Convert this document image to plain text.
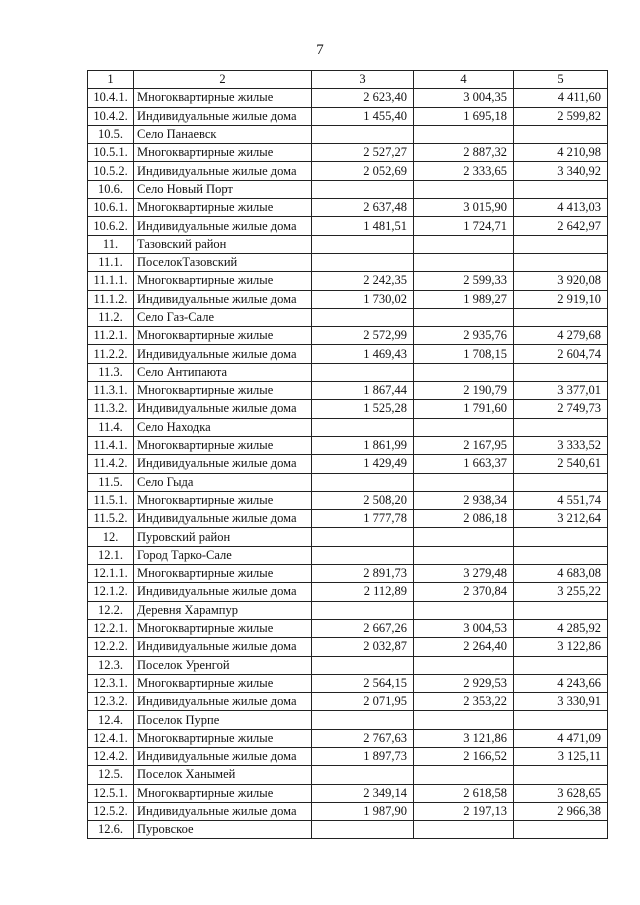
7
1	2	3	4	5
10.4.1.	Многоквартирные жилые	2 623,40	3 004,35	4 411,60
10.4.2.	Индивидуальные жилые дома	1 455,40	1 695,18	2 599,82
10.5.	Село Панаевск			
10.5.1.	Многоквартирные жилые	2 527,27	2 887,32	4 210,98
10.5.2.	Индивидуальные жилые дома	2 052,69	2 333,65	3 340,92
10.6.	Село Новый Порт			
10.6.1.	Многоквартирные жилые	2 637,48	3 015,90	4 413,03
10.6.2.	Индивидуальные жилые дома	1 481,51	1 724,71	2 642,97
11.	Тазовский район			
11.1.	ПоселокТазовский			
11.1.1.	Многоквартирные жилые	2 242,35	2 599,33	3 920,08
11.1.2.	Индивидуальные жилые дома	1 730,02	1 989,27	2 919,10
11.2.	Село Газ-Сале			
11.2.1.	Многоквартирные жилые	2 572,99	2 935,76	4 279,68
11.2.2.	Индивидуальные жилые дома	1 469,43	1 708,15	2 604,74
11.3.	Село Антипаюта			
11.3.1.	Многоквартирные жилые	1 867,44	2 190,79	3 377,01
11.3.2.	Индивидуальные жилые дома	1 525,28	1 791,60	2 749,73
11.4.	Село Находка			
11.4.1.	Многоквартирные жилые	1 861,99	2 167,95	3 333,52
11.4.2.	Индивидуальные жилые дома	1 429,49	1 663,37	2 540,61
11.5.	Село Гыда			
11.5.1.	Многоквартирные жилые	2 508,20	2 938,34	4 551,74
11.5.2.	Индивидуальные жилые дома	1 777,78	2 086,18	3 212,64
12.	Пуровский район			
12.1.	Город Тарко-Сале			
12.1.1.	Многоквартирные жилые	2 891,73	3 279,48	4 683,08
12.1.2.	Индивидуальные жилые дома	2 112,89	2 370,84	3 255,22
12.2.	Деревня Харампур			
12.2.1.	Многоквартирные жилые	2 667,26	3 004,53	4 285,92
12.2.2.	Индивидуальные жилые дома	2 032,87	2 264,40	3 122,86
12.3.	Поселок Уренгой			
12.3.1.	Многоквартирные жилые	2 564,15	2 929,53	4 243,66
12.3.2.	Индивидуальные жилые дома	2 071,95	2 353,22	3 330,91
12.4.	Поселок Пурпе			
12.4.1.	Многоквартирные жилые	2 767,63	3 121,86	4 471,09
12.4.2.	Индивидуальные жилые дома	1 897,73	2 166,52	3 125,11
12.5.	Поселок Ханымей			
12.5.1.	Многоквартирные жилые	2 349,14	2 618,58	3 628,65
12.5.2.	Индивидуальные жилые дома	1 987,90	2 197,13	2 966,38
12.6.	Пуровское			
